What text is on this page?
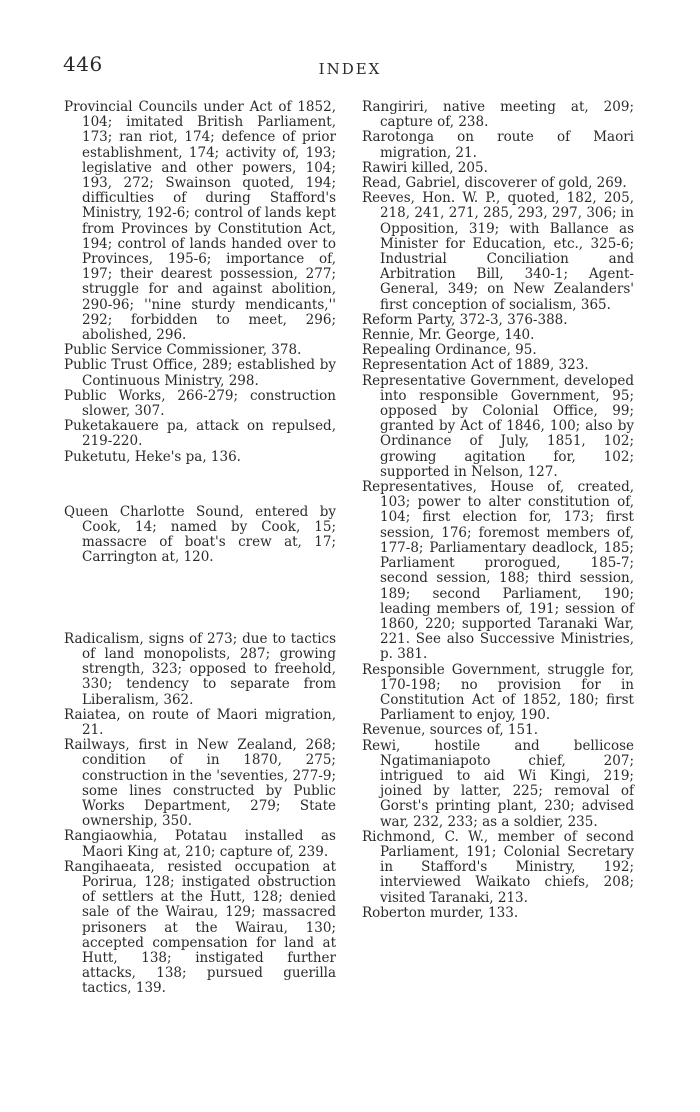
446	INDEX

Provincial Councils under Act of 1852, 104; imitated British Parliament, 173; ran riot, 174; defence of prior establishment, 174; activity of, 193; legislative and other powers, 104; 193, 272; Swainson quoted, 194; difficulties of during Stafford's Ministry, 192-6; control of lands kept from Provinces by Constitution Act, 194; control of lands handed over to Provinces, 195-6; importance of, 197; their dearest possession, 277; struggle for and against abolition, 290-96; ''nine sturdy mendicants,'' 292; forbidden to meet, 296; abolished, 296.

Public Service Commissioner, 378.

Public Trust Office, 289; established by Continuous Ministry, 298.

Public Works, 266-279; construction slower, 307.

Puketakauere pa, attack on repulsed, 219-220.

Puketutu, Heke's pa, 136.

Queen Charlotte Sound, entered by Cook, 14; named by Cook, 15; massacre of boat's crew at, 17; Carrington at, 120.

Radicalism, signs of 273; due to tactics of land monopolists, 287; growing strength, 323; opposed to freehold, 330; tendency to separate from Liberalism, 362.

Raiatea, on route of Maori migration, 21.

Railways, first in New Zealand, 268; condition of in 1870, 275; construction in the 'seventies, 277-9; some lines constructed by Public Works Department, 279; State ownership, 350.

Rangiaowhia, Potatau installed as Maori King at, 210; capture of, 239.

Rangihaeata, resisted occupation at Porirua, 128; instigated obstruction of settlers at the Hutt, 128; denied sale of the Wairau, 129; massacred prisoners at the Wairau, 130; accepted compensation for land at Hutt, 138; instigated further attacks, 138; pursued guerilla tactics, 139.

Rangiriri, native meeting at, 209; capture of, 238.

Rarotonga on route of Maori migration, 21.

Rawiri killed, 205.

Read, Gabriel, discoverer of gold, 269.

Reeves, Hon. W. P., quoted, 182, 205, 218, 241, 271, 285, 293, 297, 306; in Opposition, 319; with Ballance as Minister for Education, etc., 325-6; Industrial Conciliation and Arbitration Bill, 340-1; Agent-General, 349; on New Zealanders' first conception of socialism, 365.

Reform Party, 372-3, 376-388.

Rennie, Mr. George, 140.

Repealing Ordinance, 95.

Representation Act of 1889, 323.

Representative Government, developed into responsible Government, 95; opposed by Colonial Office, 99; granted by Act of 1846, 100; also by Ordinance of July, 1851, 102; growing agitation for, 102; supported in Nelson, 127.

Representatives, House of, created, 103; power to alter constitution of, 104; first election for, 173; first session, 176; foremost members of, 177-8; Parliamentary deadlock, 185; Parliament prorogued, 185-7; second session, 188; third session, 189; second Parliament, 190; leading members of, 191; session of 1860, 220; supported Taranaki War, 221. See also Successive Ministries, p. 381.

Responsible Government, struggle for, 170-198; no provision for in Constitution Act of 1852, 180; first Parliament to enjoy, 190.

Revenue, sources of, 151.

Rewi, hostile and bellicose Ngatimaniapoto chief, 207; intrigued to aid Wi Kingi, 219; joined by latter, 225; removal of Gorst's printing plant, 230; advised war, 232, 233; as a soldier, 235.

Richmond, C. W., member of second Parliament, 191; Colonial Secretary in Stafford's Ministry, 192; interviewed Waikato chiefs, 208; visited Taranaki, 213.

Roberton murder, 133.
